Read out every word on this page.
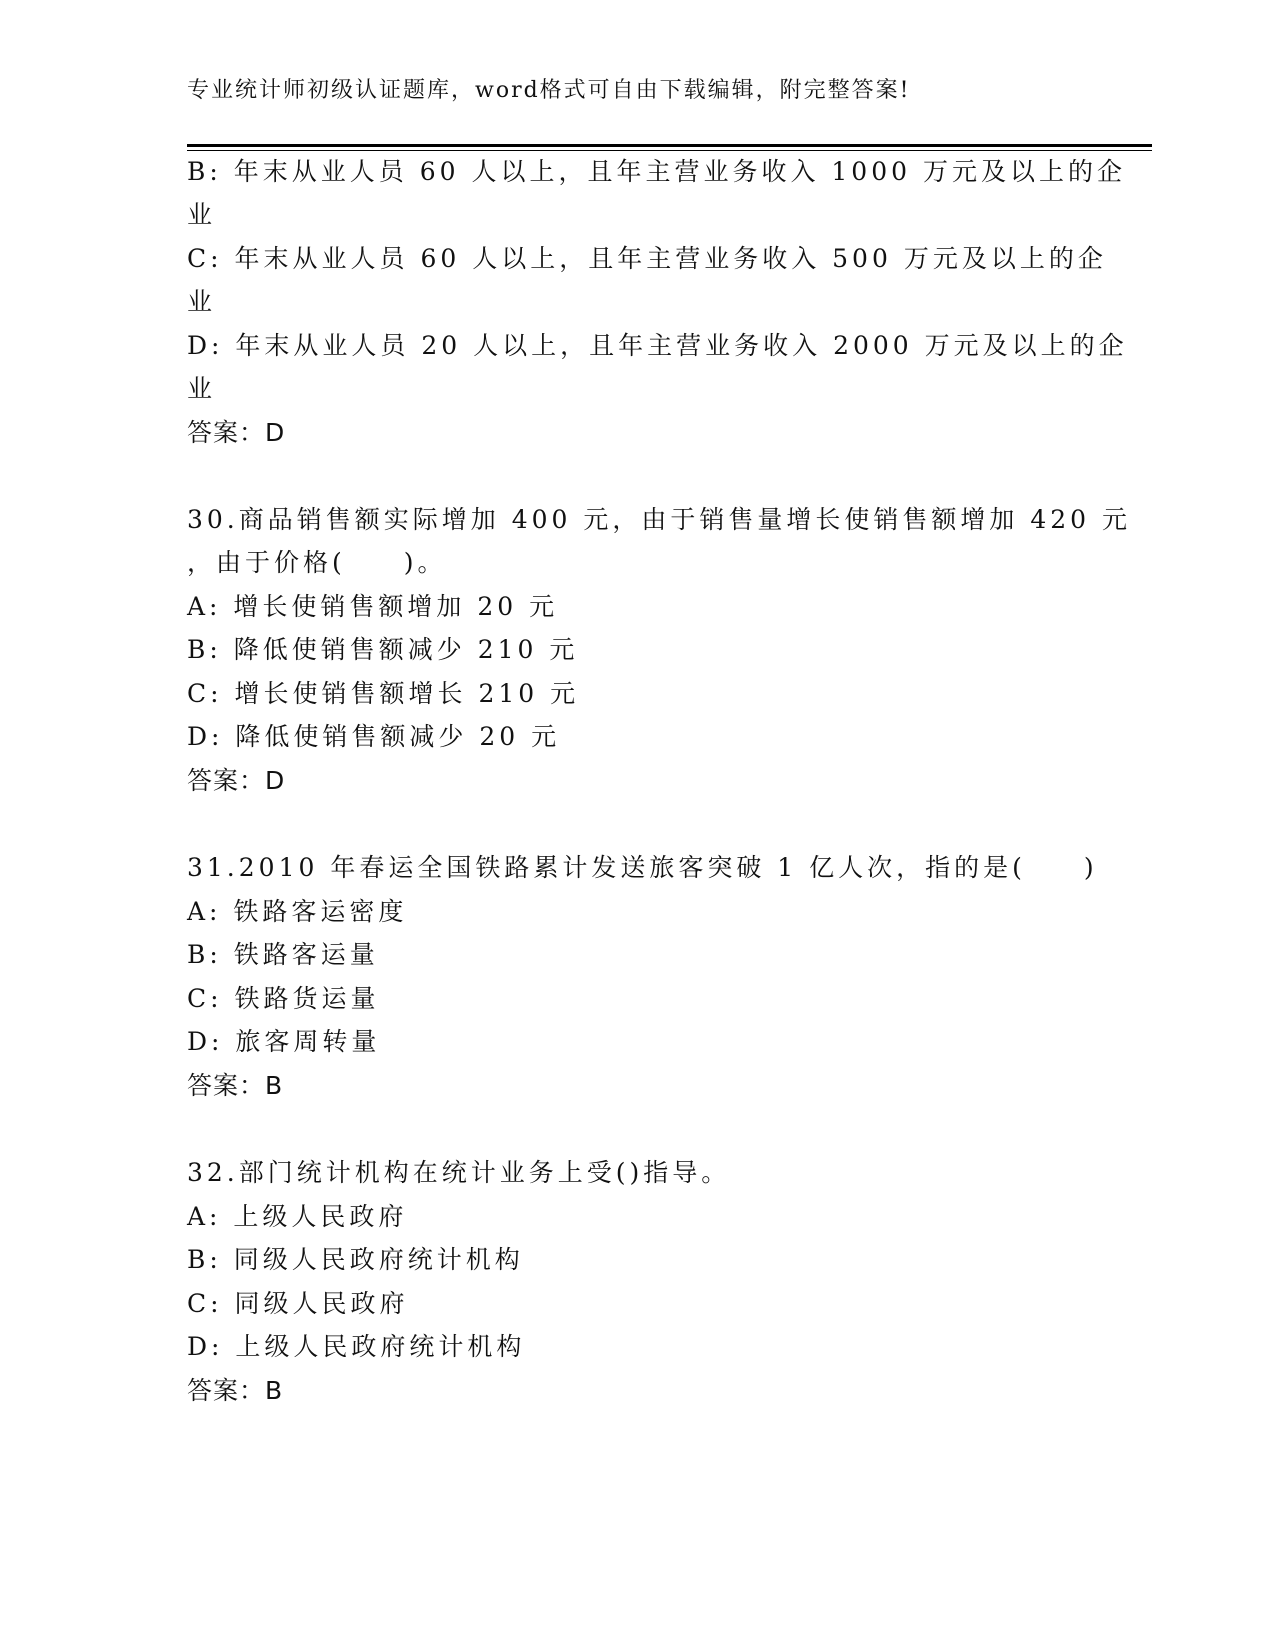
专业统计师初级认证题库，word格式可自由下载编辑，附完整答案!
B: 年末从业人员 60 人以上，且年主营业务收入 1000 万元及以上的企
业
C: 年末从业人员 60 人以上，且年主营业务收入 500 万元及以上的企
业
D: 年末从业人员 20 人以上，且年主营业务收入 2000 万元及以上的企
业
答案：D
30.商品销售额实际增加 400 元，由于销售量增长使销售额增加 420 元
，由于价格(　　)。
A: 增长使销售额增加 20 元
B: 降低使销售额减少 210 元
C: 增长使销售额增长 210 元
D: 降低使销售额减少 20 元
答案：D
31.2010 年春运全国铁路累计发送旅客突破 1 亿人次，指的是(　　)
A: 铁路客运密度
B: 铁路客运量
C: 铁路货运量
D: 旅客周转量
答案：B
32.部门统计机构在统计业务上受()指导。
A: 上级人民政府
B: 同级人民政府统计机构
C: 同级人民政府
D: 上级人民政府统计机构
答案：B
